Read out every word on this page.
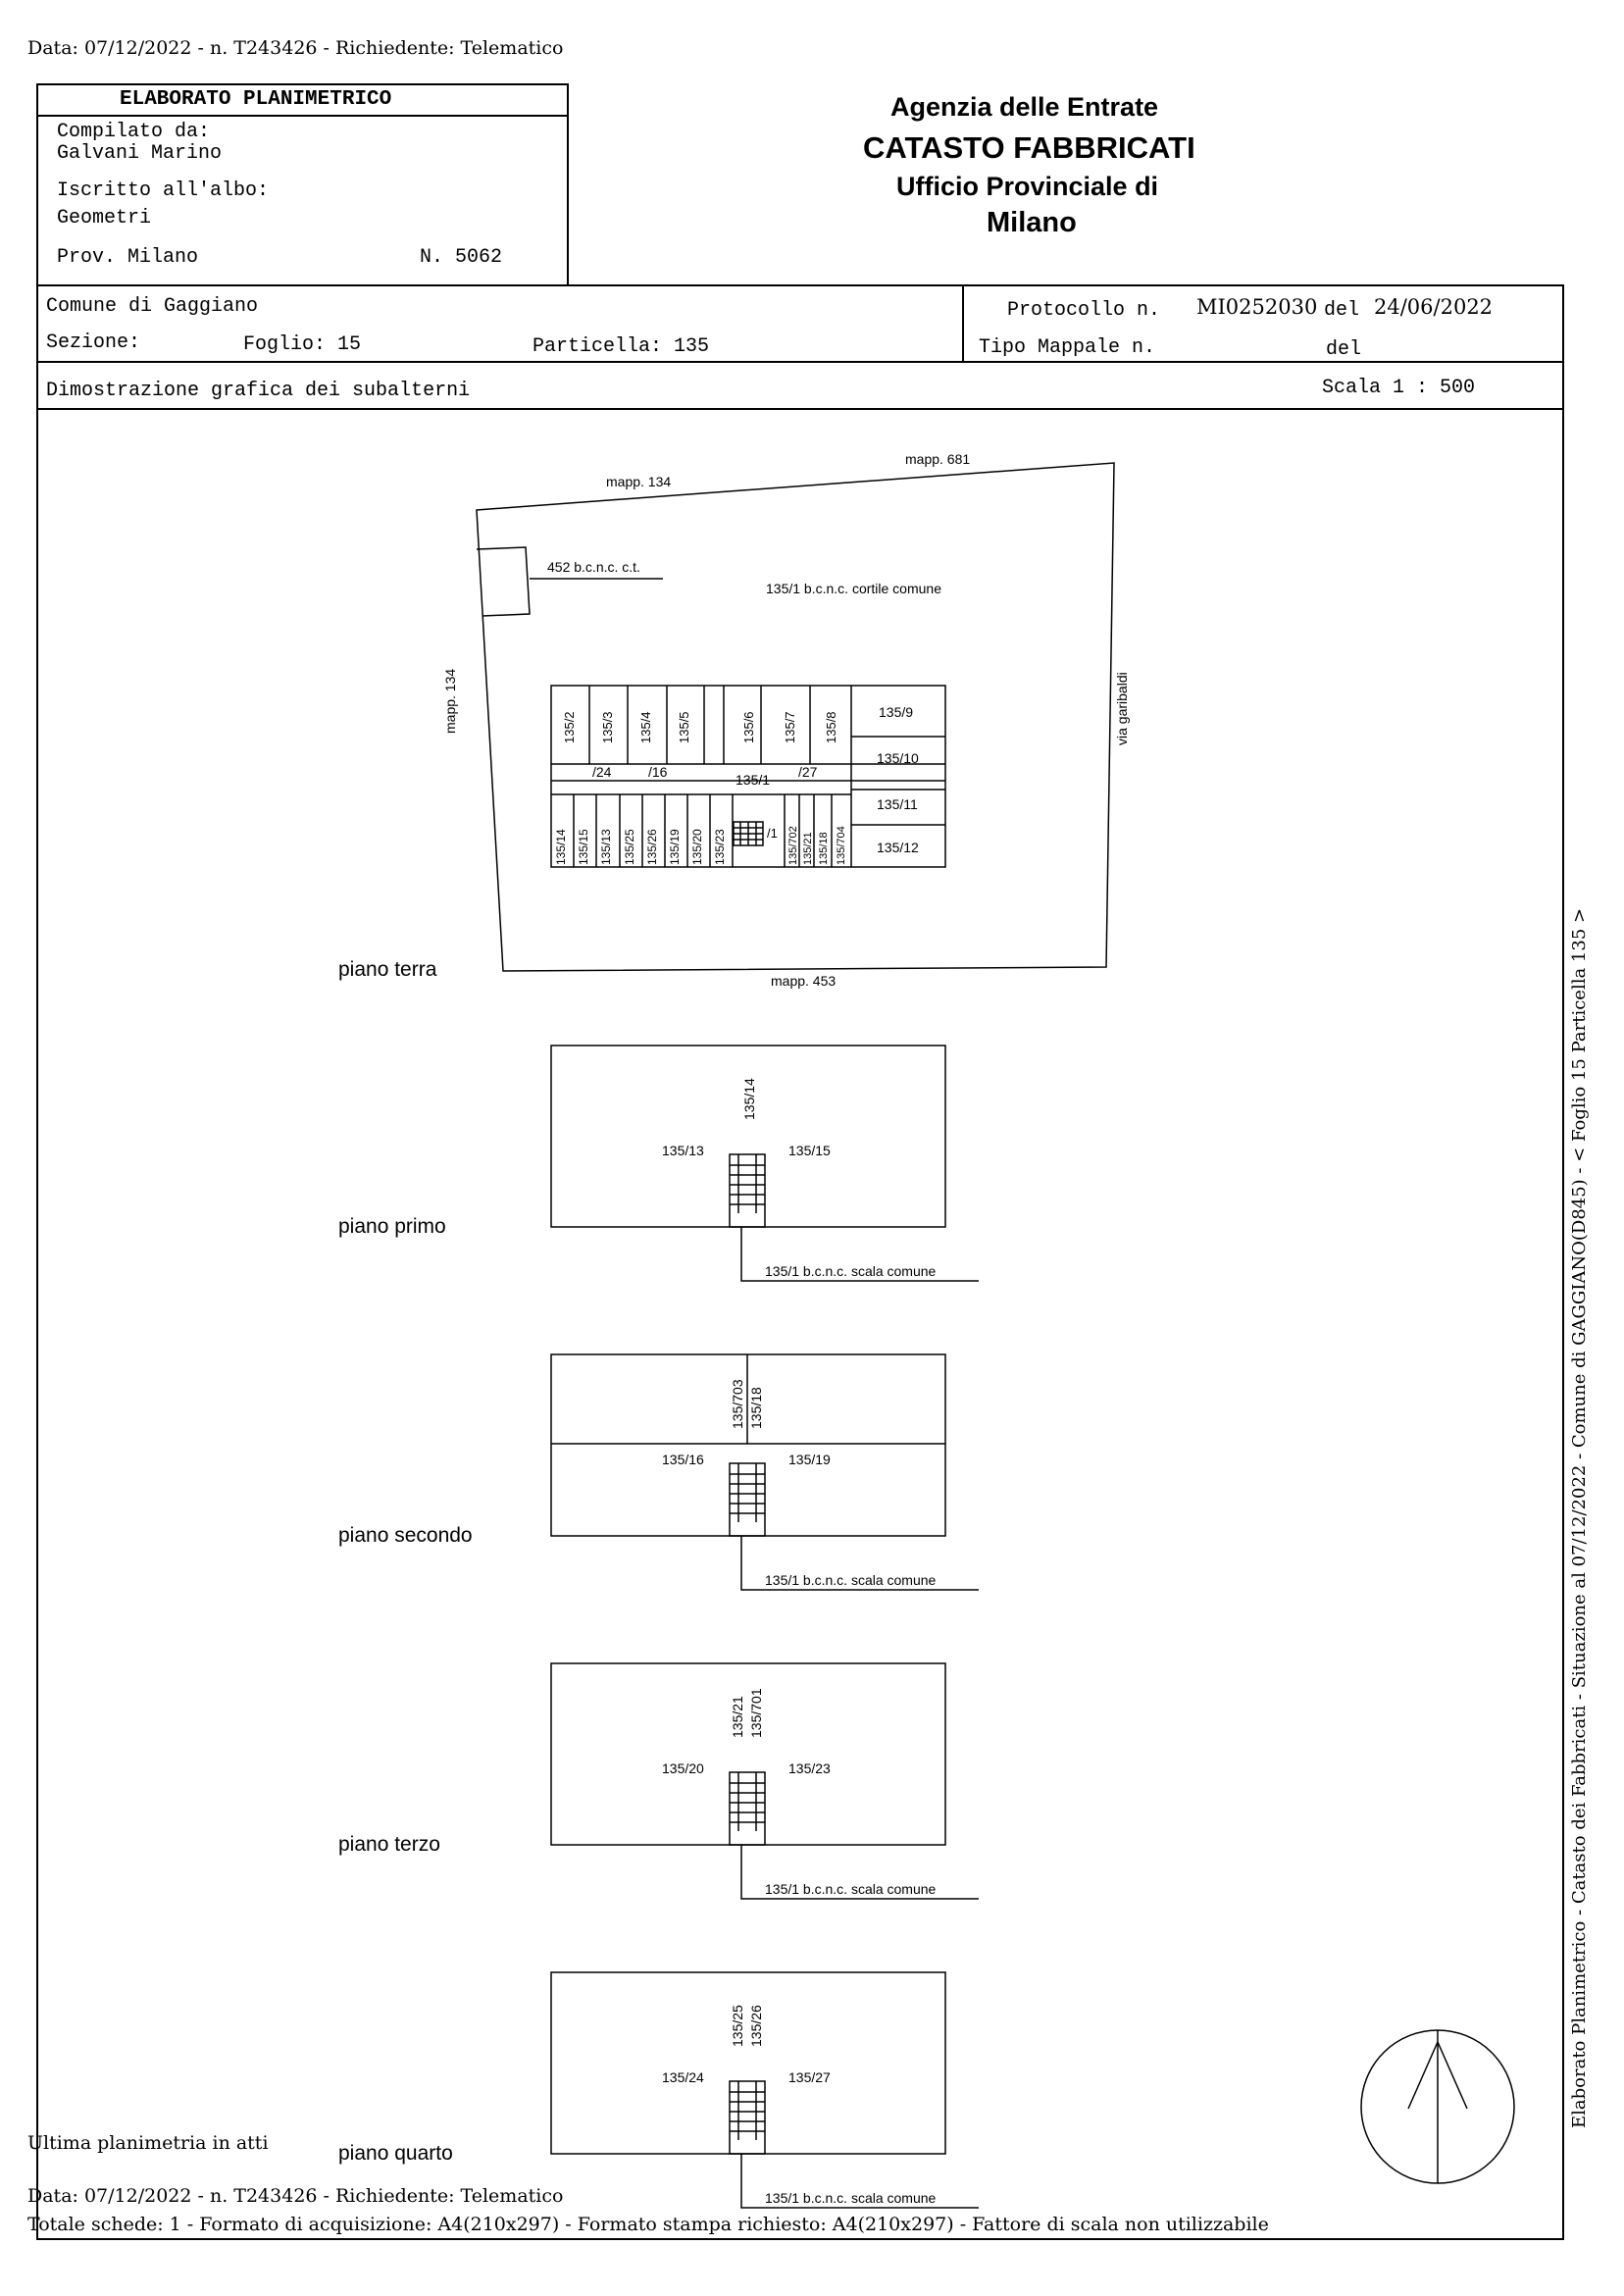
Data: 07/12/2022 - n. T243426 - Richiedente: Telematico
ELABORATO PLANIMETRICO
Compilato da:
Galvani Marino
Iscritto all'albo:
Geometri
Prov. Milano	N. 5062
Agenzia delle Entrate
CATASTO FABBRICATI
Ufficio Provinciale di
Milano
Comune di Gaggiano
Sezione:	Foglio: 15	Particella: 135
Protocollo n. MI0252030 del 24/06/2022
Tipo Mappale n.	del
Dimostrazione grafica dei subalterni	Scala 1 : 500
mapp. 134
mapp. 681
mapp. 453
mapp. 134	via garibaldi
452 b.c.n.c. c.t.
135/1 b.c.n.c. cortile comune
135/2 135/3 135/4 135/5	135/6 135/7 135/8	135/9
135/10
135/11
135/12
/24	/16	135/1 /27
135/14 135/15 135/13 135/25 135/26 135/19 135/20 135/23	/1 135/702 135/21 135/18 135/704
piano terra
piano primo
piano secondo
piano terzo
piano quarto
135/13	135/15
135/14
135/1 b.c.n.c. scala comune
135/16	135/19
135/703 135/18
135/1 b.c.n.c. scala comune
135/20	135/23
135/21 135/701
135/1 b.c.n.c. scala comune
135/24	135/27
135/25 135/26
135/1 b.c.n.c. scala comune
Ultima planimetria in atti
Data: 07/12/2022 - n. T243426 - Richiedente: Telematico
Totale schede: 1 - Formato di acquisizione: A4(210x297) - Formato stampa richiesto: A4(210x297) - Fattore di scala non utilizzabile
Elaborato Planimetrico - Catasto dei Fabbricati - Situazione al 07/12/2022 - Comune di GAGGIANO(D845) - < Foglio 15 Particella 135 >
